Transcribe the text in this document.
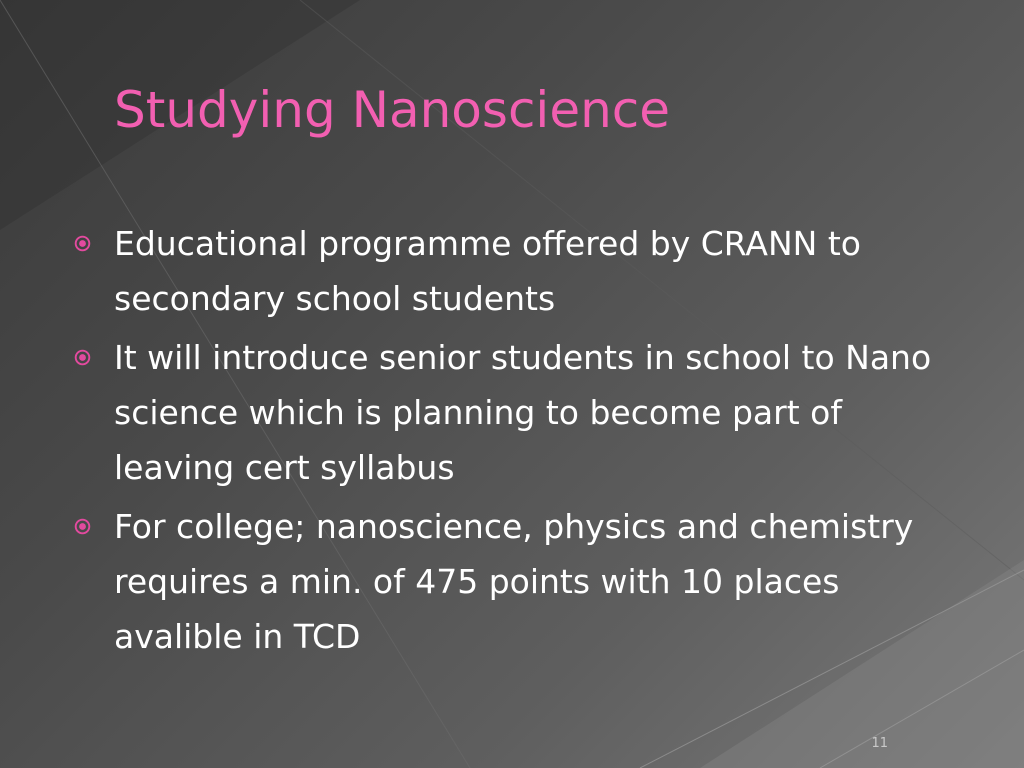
Studying Nanoscience
Educational programme offered by CRANN to secondary school students
It will introduce senior students in school to Nano science which is planning to become part of leaving cert syllabus
For college; nanoscience, physics and chemistry requires a min. of 475 points with 10 places avalible in TCD
11
